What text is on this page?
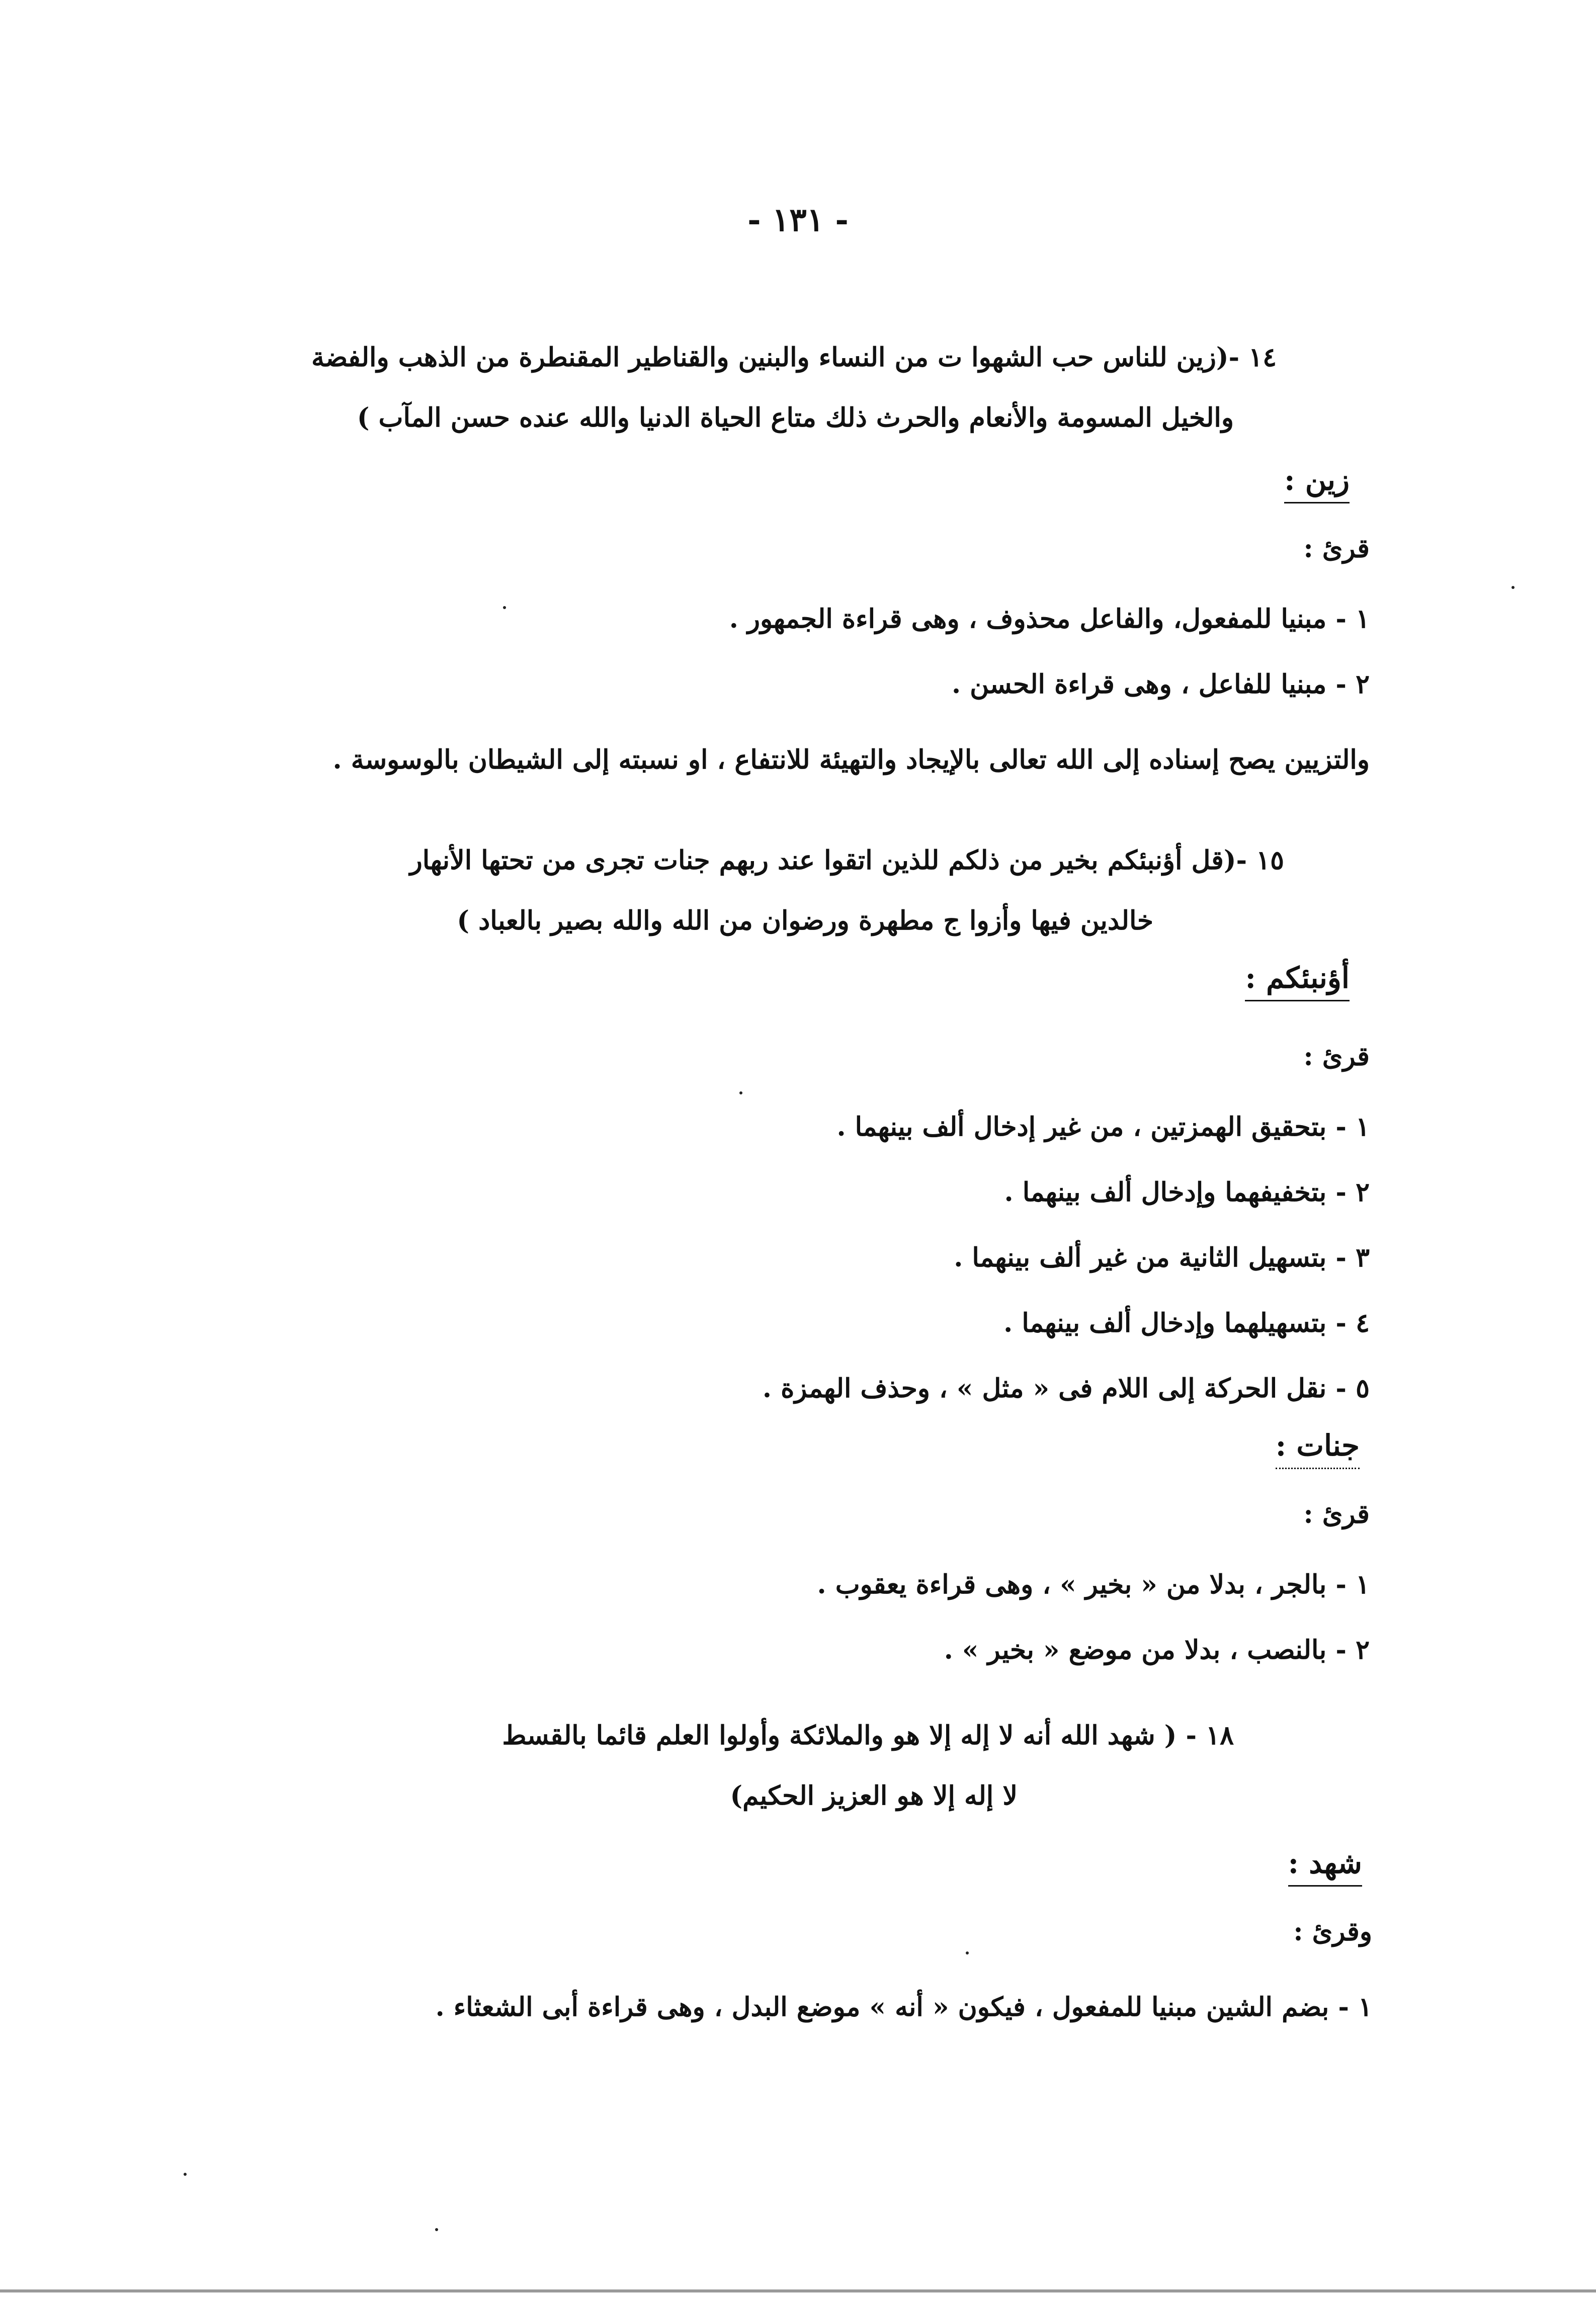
- ١٣١ -
١٤ -(زين للناس حب الشهوا ت من النساء والبنين والقناطير المقنطرة من الذهب والفضة
والخيل المسومة والأنعام والحرث ذلك متاع الحياة الدنيا والله عنده حسن المآب )
زين :
قرئ :
١ - مبنيا للمفعول، والفاعل محذوف ، وهى قراءة الجمهور .
٢ - مبنيا للفاعل ، وهى قراءة الحسن .
والتزيين يصح إسناده إلى الله تعالى بالإيجاد والتهيئة للانتفاع ، او نسبته إلى الشيطان بالوسوسة .
١٥ -(قل أؤنبئكم بخير من ذلكم للذين اتقوا عند ربهم جنات تجرى من تحتها الأنهار
خالدين فيها وأزوا ج مطهرة ورضوان من الله والله بصير بالعباد )
أؤنبئكم :
قرئ :
١ - بتحقيق الهمزتين ، من غير إدخال ألف بينهما .
٢ - بتخفيفهما وإدخال ألف بينهما .
٣ - بتسهيل الثانية من غير ألف بينهما .
٤ - بتسهيلهما وإدخال ألف بينهما .
٥ - نقل الحركة إلى اللام فى « مثل » ، وحذف الهمزة .
جنات :
قرئ :
١ - بالجر ، بدلا من « بخير » ، وهى قراءة يعقوب .
٢ - بالنصب ، بدلا من موضع « بخير » .
١٨ - ( شهد الله أنه لا إله إلا هو والملائكة وأولوا العلم قائما بالقسط
لا إله إلا هو العزيز الحكيم)
شهد :
وقرئ :
١ - بضم الشين مبنيا للمفعول ، فيكون « أنه » موضع البدل ، وهى قراءة أبى الشعثاء .
